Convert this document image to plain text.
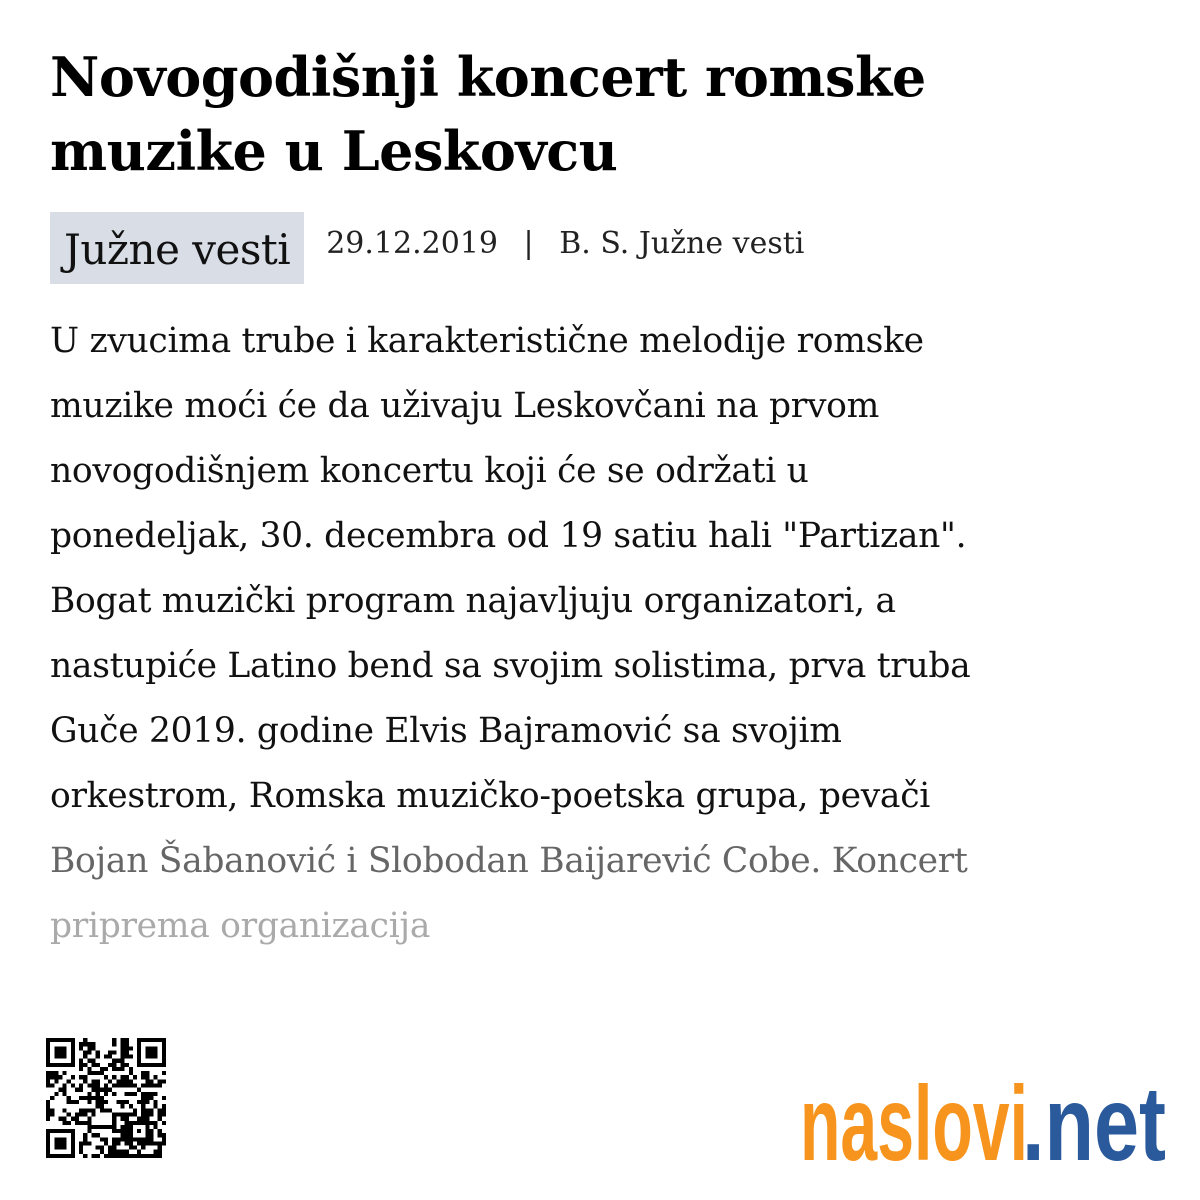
Novogodišnji koncert romske muzike u Leskovcu
Južne vesti	29.12.2019 | B. S. Južne vesti
U zvucima trube i karakteristične melodije romske
muzike moći će da uživaju Leskovčani na prvom
novogodišnjem koncertu koji će se održati u
ponedeljak, 30. decembra od 19 satiu hali "Partizan".
Bogat muzički program najavljuju organizatori, a
nastupiće Latino bend sa svojim solistima, prva truba
Guče 2019. godine Elvis Bajramović sa svojim
orkestrom, Romska muzičko-poetska grupa, pevači
Bojan Šabanović i Slobodan Baijarević Cobe. Koncert
priprema organizacija
naslovi
.net
